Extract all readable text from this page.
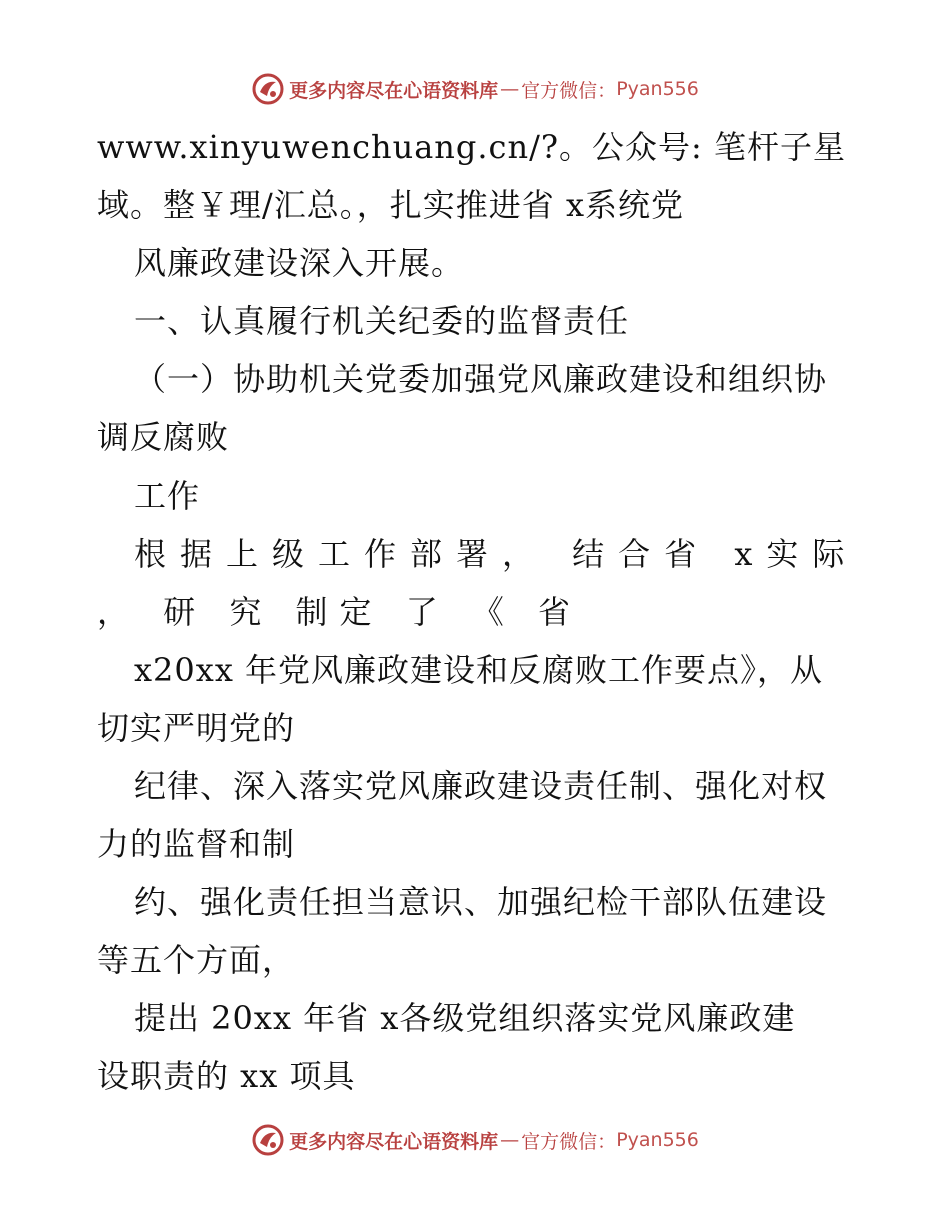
更多内容尽在心语资料库 — 官方微信： Pyan556
www.xinyuwenchuang.cn/?。公众号: 笔杆子星
域。整￥理/汇总。，扎实推进省 x系统党
风廉政建设深入开展。
一、认真履行机关纪委的监督责任
（一）协助机关党委加强党风廉政建设和组织协
调反腐败
工作
根据上级工作部署， 结合省 x实际
， 研 究 制定 了 《 省
x20xx 年党风廉政建设和反腐败工作要点》，从
切实严明党的
纪律、深入落实党风廉政建设责任制、强化对权
力的监督和制
约、强化责任担当意识、加强纪检干部队伍建设
等五个方面，
提出 20xx 年省 x各级党组织落实党风廉政建
设职责的 xx 项具
更多内容尽在心语资料库 — 官方微信： Pyan556
